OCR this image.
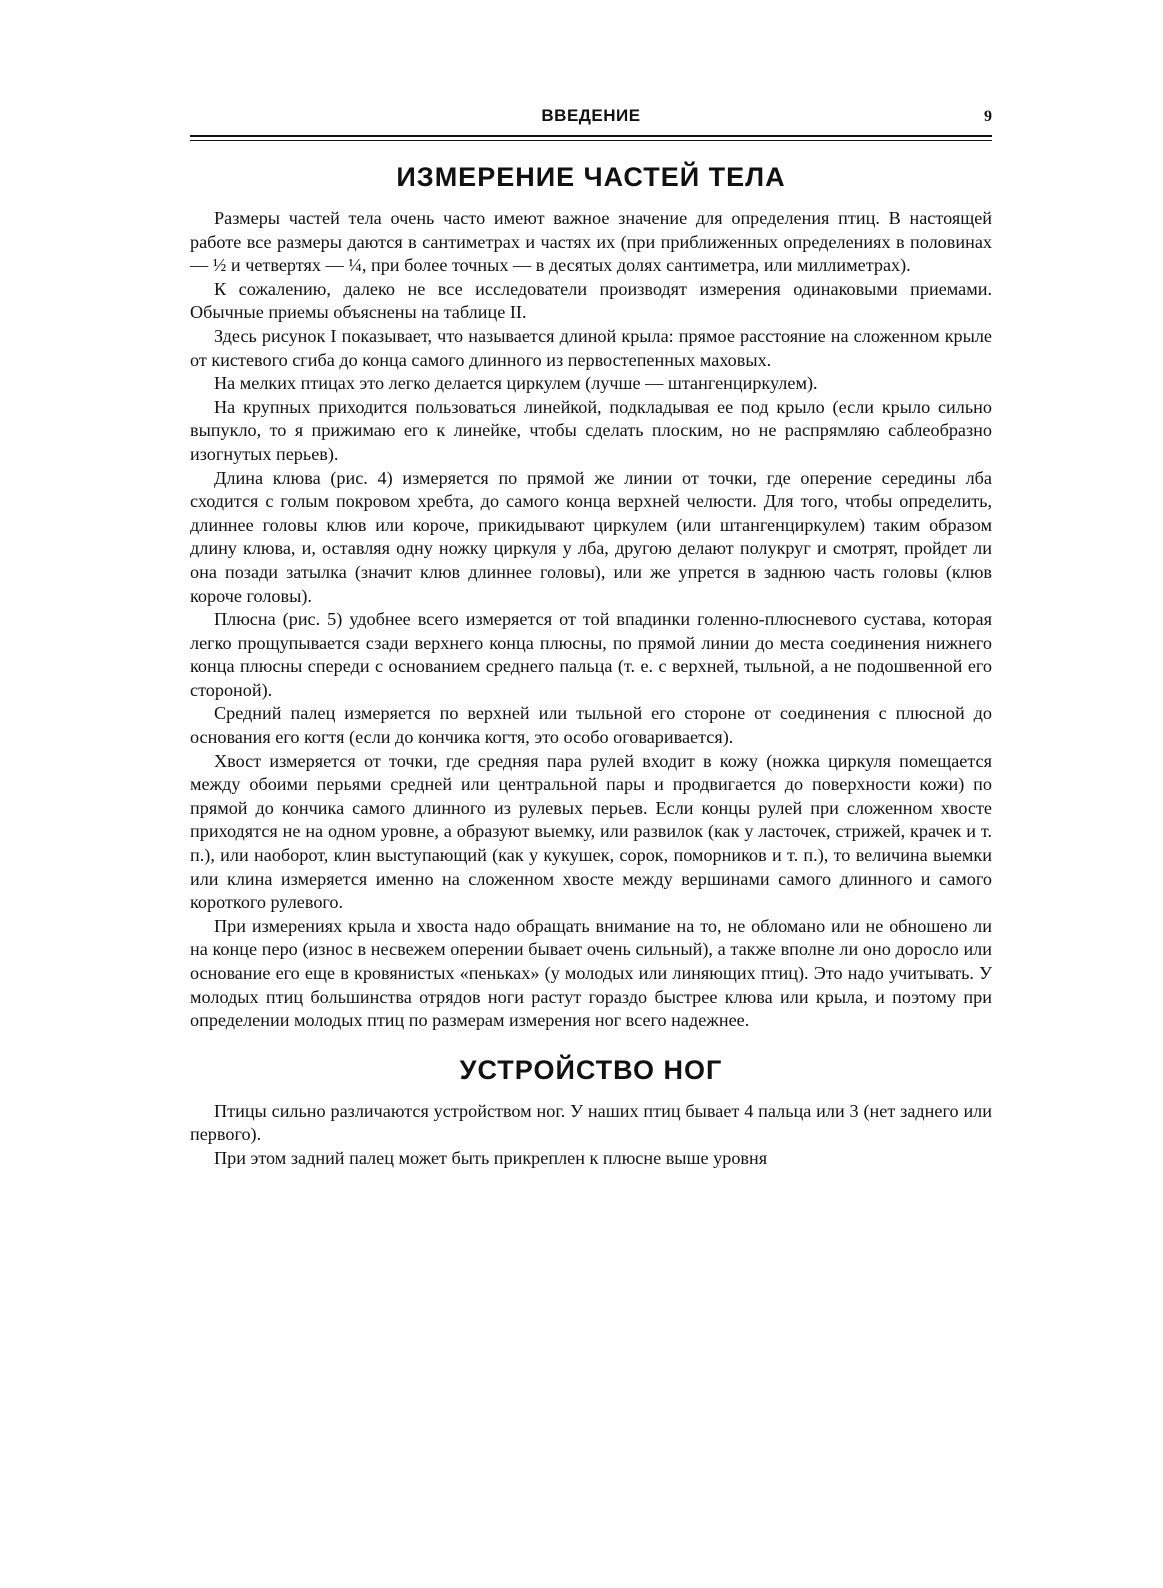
ВВЕДЕНИЕ	9
ИЗМЕРЕНИЕ ЧАСТЕЙ ТЕЛА

Размеры частей тела очень часто имеют важное значение для определения птиц. В настоящей работе все размеры даются в сантиметрах и частях их (при приближенных определениях в половинах — ½ и четвертях — ¼, при более точных — в десятых долях сантиметра, или миллиметрах).

К сожалению, далеко не все исследователи производят измерения одинаковыми приемами. Обычные приемы объяснены на таблице II.

Здесь рисунок I показывает, что называется длиной крыла: прямое расстояние на сложенном крыле от кистевого сгиба до конца самого длинного из первостепенных маховых.

На мелких птицах это легко делается циркулем (лучше — штангенциркулем).

На крупных приходится пользоваться линейкой, подкладывая ее под крыло (если крыло сильно выпукло, то я прижимаю его к линейке, чтобы сделать плоским, но не распрямляю саблеобразно изогнутых перьев).

Длина клюва (рис. 4) измеряется по прямой же линии от точки, где оперение середины лба сходится с голым покровом хребта, до самого конца верхней челюсти. Для того, чтобы определить, длиннее головы клюв или короче, прикидывают циркулем (или штангенциркулем) таким образом длину клюва, и, оставляя одну ножку циркуля у лба, другою делают полукруг и смотрят, пройдет ли она позади затылка (значит клюв длиннее головы), или же упрется в заднюю часть головы (клюв короче головы).

Плюсна (рис. 5) удобнее всего измеряется от той впадинки голенно-плюсневого сустава, которая легко прощупывается сзади верхнего конца плюсны, по прямой линии до места соединения нижнего конца плюсны спереди с основанием среднего пальца (т. е. с верхней, тыльной, а не подошвенной его стороной).

Средний палец измеряется по верхней или тыльной его стороне от соединения с плюсной до основания его когтя (если до кончика когтя, это особо оговаривается).

Хвост измеряется от точки, где средняя пара рулей входит в кожу (ножка циркуля помещается между обоими перьями средней или центральной пары и продвигается до поверхности кожи) по прямой до кончика самого длинного из рулевых перьев. Если концы рулей при сложенном хвосте приходятся не на одном уровне, а образуют выемку, или развилок (как у ласточек, стрижей, крачек и т. п.), или наоборот, клин выступающий (как у кукушек, сорок, поморников и т. п.), то величина выемки или клина измеряется именно на сложенном хвосте между вершинами самого длинного и самого короткого рулевого.

При измерениях крыла и хвоста надо обращать внимание на то, не обломано или не обношено ли на конце перо (износ в несвежем оперении бывает очень сильный), а также вполне ли оно доросло или основание его еще в кровянистых «пеньках» (у молодых или линяющих птиц). Это надо учитывать. У молодых птиц большинства отрядов ноги растут гораздо быстрее клюва или крыла, и поэтому при определении молодых птиц по размерам измерения ног всего надежнее.

УСТРОЙСТВО НОГ

Птицы сильно различаются устройством ног. У наших птиц бывает 4 пальца или 3 (нет заднего или первого).

При этом задний палец может быть прикреплен к плюсне выше уровня
